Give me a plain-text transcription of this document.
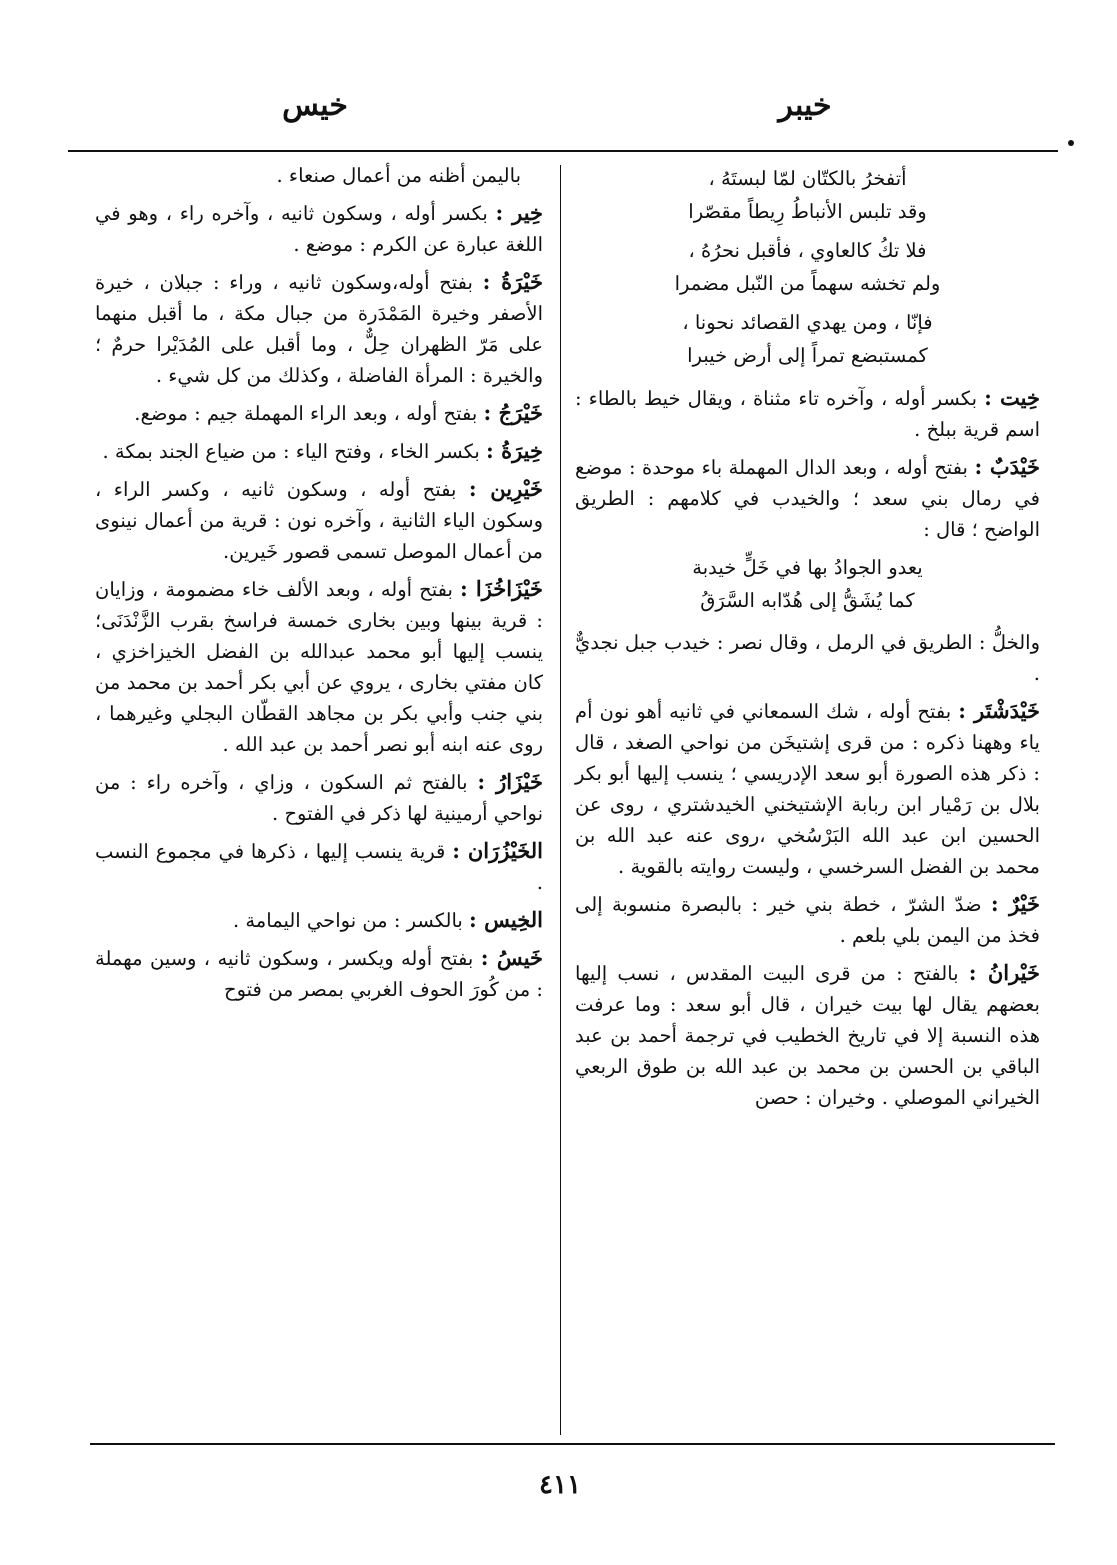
خيبر
خيس
أتفخرُ بالكتّان لمّا لبستَهُ ،
وقد تلبس الأنباطُ رِيطاً مقصّرا
فلا تكُ كالعاوي ، فأقبل نحرُهُ ،
ولم تخشه سهماً من النّبل مضمرا
فإنّا ، ومن يهدي القصائد نحونا ،
كمستبضع تمراً إلى أرض خيبرا

خِيت : بكسر أوله ، وآخره تاء مثناة ، ويقال خيط بالطاء : اسم قرية ببلخ .

خَيْدَبٌ : بفتح أوله ، وبعد الدال المهملة باء موحدة : موضع في رمال بني سعد ؛ والخيدب في كلامهم : الطريق الواضح ؛ قال :

يعدو الجوادُ بها في خَلٍّ خيدبة
كما يُشَقُّ إلى هُدّابه السَّرَقُ

والخلُّ : الطريق في الرمل ، وقال نصر : خيدب جبل نجديٌّ .

خَيْدَشْتَر : بفتح أوله ، شك السمعاني في ثانيه أهو نون أم ياء وههنا ذكره : من قرى إشتيخَن من نواحي الصغد ، قال : ذكر هذه الصورة أبو سعد الإدريسي ؛ ينسب إليها أبو بكر بلال بن رَمْيار ابن ربابة الإشتيخني الخيدشتري ، روى عن الحسين ابن عبد الله البَرْسُخي ،روى عنه عبد الله بن محمد بن الفضل السرخسي ، وليست روايته بالقوية .

خَيْرٌ : ضدّ الشرّ ، خطة بني خير : بالبصرة منسوبة إلى فخذ من اليمن بلي بلعم .

خَيْرانُ : بالفتح : من قرى البيت المقدس ، نسب إليها بعضهم يقال لها بيت خيران ، قال أبو سعد : وما عرفت هذه النسبة إلا في تاريخ الخطيب في ترجمة أحمد بن عبد الباقي بن الحسن بن محمد بن عبد الله بن طوق الربعي الخيراني الموصلي . وخيران : حصن

باليمن أظنه من أعمال صنعاء .

خِير : بكسر أوله ، وسكون ثانيه ، وآخره راء ، وهو في اللغة عبارة عن الكرم : موضع .

خَيْرَةُ : بفتح أوله،وسكون ثانيه ، وراء : جبلان ، خيرة الأصفر وخيرة المَمْدَرة من جبال مكة ، ما أقبل منهما على مَرّ الظهران حِلٌّ ، وما أقبل على المُدَيْرا حرمٌ ؛ والخيرة : المرأة الفاضلة ، وكذلك من كل شيء .

خَيْرَجُ : بفتح أوله ، وبعد الراء المهملة جيم : موضع.

خِيرَةُ : بكسر الخاء ، وفتح الياء : من ضياع الجند بمكة .

خَيْرِين : بفتح أوله ، وسكون ثانيه ، وكسر الراء ، وسكون الياء الثانية ، وآخره نون : قرية من أعمال نينوى من أعمال الموصل تسمى قصور خَيرين.

خَيْزَاخُزَا : بفتح أوله ، وبعد الألف خاء مضمومة ، وزايان : قرية بينها وبين بخارى خمسة فراسخ بقرب الزَّنْدَنَى؛ ينسب إليها أبو محمد عبدالله بن الفضل الخيزاخزي ، كان مفتي بخارى ، يروي عن أبي بكر أحمد بن محمد من بني جنب وأبي بكر بن مجاهد القطّان البجلي وغيرهما ، روى عنه ابنه أبو نصر أحمد بن عبد الله .

خَيْزَارُ : بالفتح ثم السكون ، وزاي ، وآخره راء : من نواحي أرمينية لها ذكر في الفتوح .

الخَيْزُرَان : قرية ينسب إليها ، ذكرها في مجموع النسب .

الخِيس : بالكسر : من نواحي اليمامة .

خَيسُ : بفتح أوله ويكسر ، وسكون ثانيه ، وسين مهملة : من كُورَ الحوف الغربي بمصر من فتوح

٤١١
